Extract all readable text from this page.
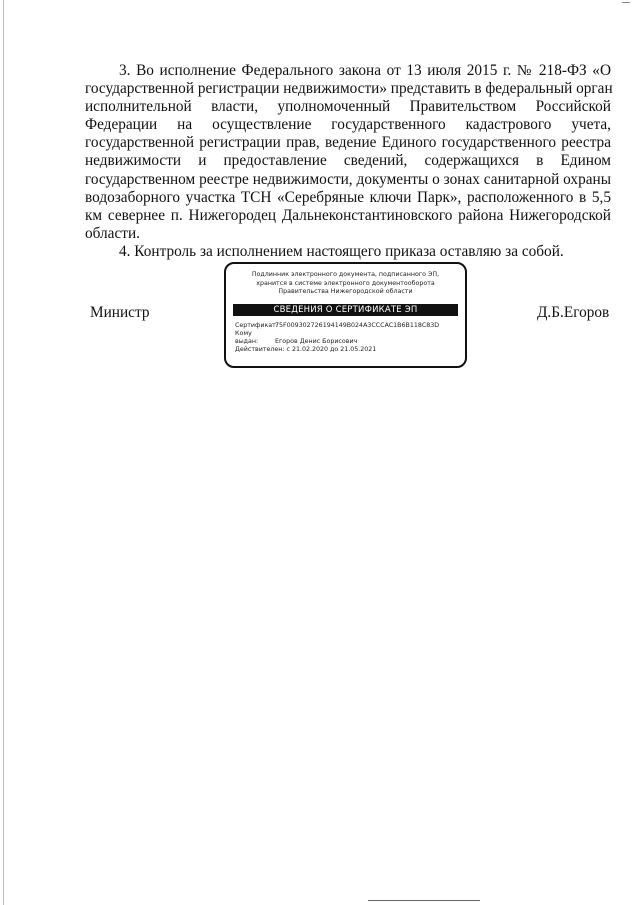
3. Во исполнение Федерального закона от 13 июля 2015 г. № 218-ФЗ «О
государственной регистрации недвижимости» представить в федеральный орган
исполнительной власти, уполномоченный Правительством Российской
Федерации на осуществление государственного кадастрового учета,
государственной регистрации прав, ведение Единого государственного реестра
недвижимости и предоставление сведений, содержащихся в Едином
государственном реестре недвижимости, документы о зонах санитарной охраны
водозаборного участка ТСН «Серебряные ключи Парк», расположенного в 5,5
км севернее п. Нижегородец Дальнеконстантиновского района Нижегородской
области.
4. Контроль за исполнением настоящего приказа оставляю за собой.
Министр	Д.Б.Егоров
Подлинник электронного документа, подписанного ЭП,
хранится в системе электронного документооборота
Правительства Нижегородской области
СВЕДЕНИЯ О СЕРТИФИКАТЕ ЭП
Сертификат:75F009302726194149B024A3CCCAC1B6B118C83D
Кому выдан:	Егоров Денис Борисович
Действителен: с 21.02.2020 до 21.05.2021
